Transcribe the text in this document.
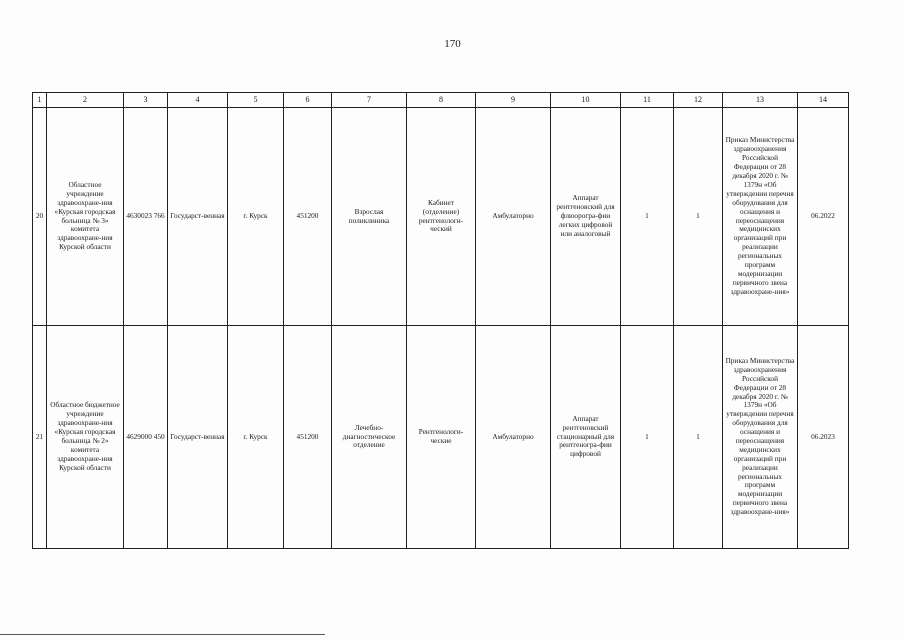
170
1	2	3	4	5	6	7	8	9	10	11	12	13	14
20	Областное учреждение здравоохране-ния «Курская городская больница № 3» комитета здравоохране-ния Курской области	4630023 766	Государст-венная	г. Курск	451200	Взрослая поликлиника	Кабинет (отделение) рентгенологи-ческий	Амбулаторно	Аппарат рентгеновский для флюорогра-фии легких цифровой или аналоговый	1	1	Приказ Министерства здравоохранения Российской Федерации от 28 декабря 2020 г. № 1379н «Об утверждении перечня оборудования для оснащения и переоснащения медицинских организаций при реализации региональных программ модернизации первичного звена здравоохране-ния»	06.2022
21	Областное бюджетное учреждение здравоохране-ния «Курская городская больница № 2» комитета здравоохране-ния Курской области	4629000 450	Государст-венная	г. Курск	451200	Лечебно-диагностическое отделение	Рентгенологи-ческие	Амбулаторно	Аппарат рентгеновский стационарный для рентгеногра-фии цифровой	1	1	Приказ Министерства здравоохранения Российской Федерации от 28 декабря 2020 г. № 1379н «Об утверждении перечня оборудования для оснащения и переоснащения медицинских организаций при реализации региональных программ модернизации первичного звена здравоохране-ния»	06.2023
